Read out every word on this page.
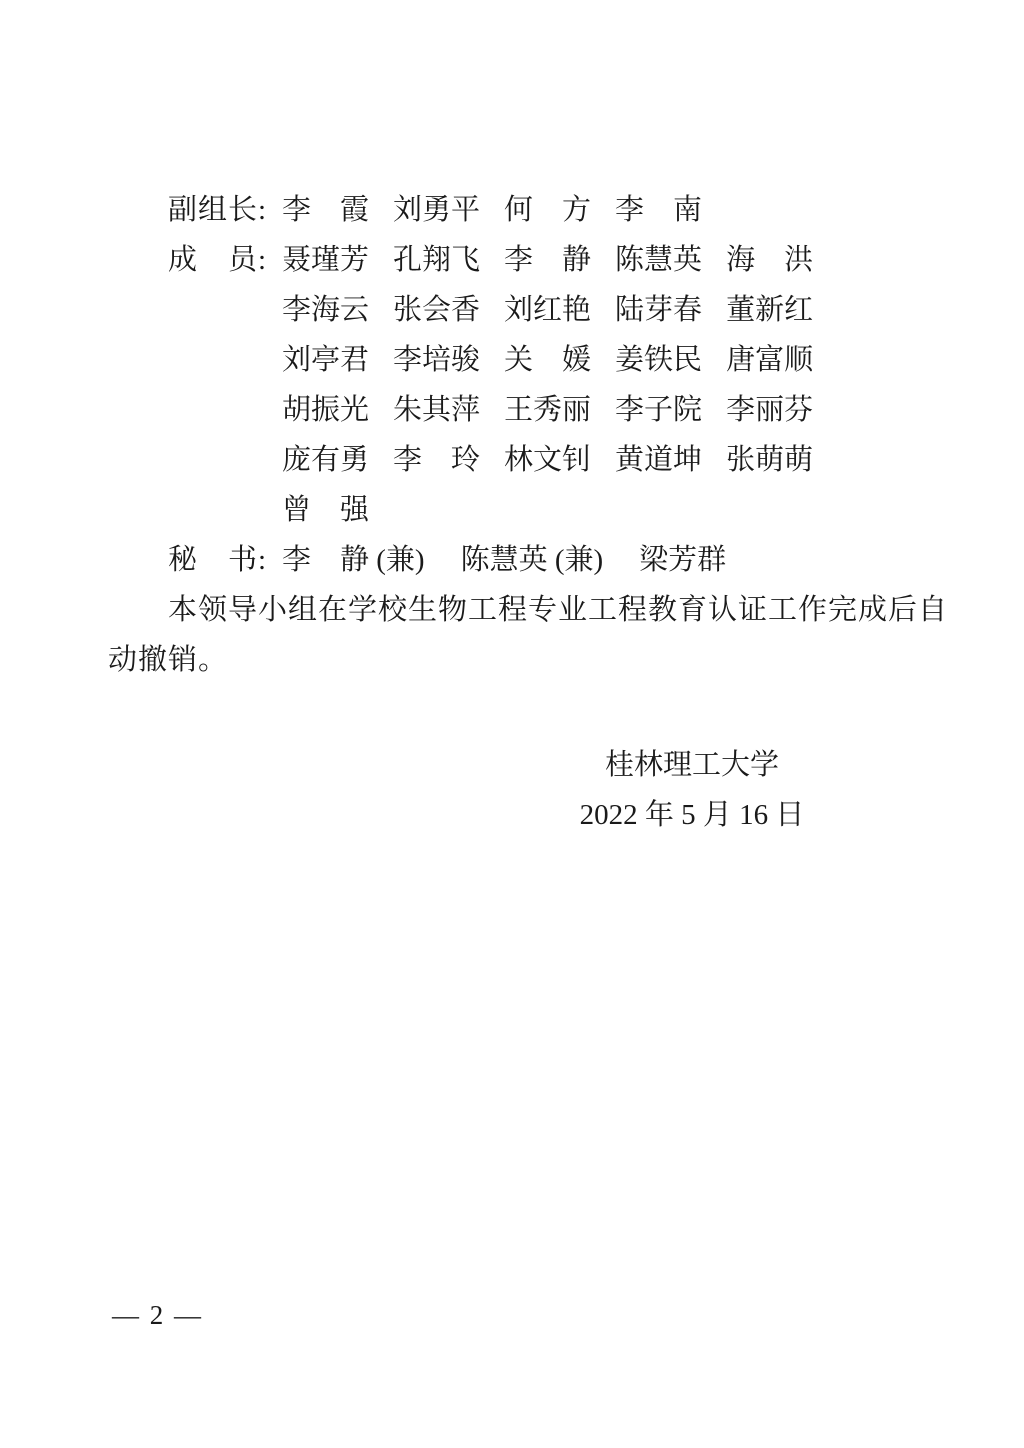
副组长: 李　霞 刘勇平 何　方 李　南
成　员: 聂瑾芳 孔翔飞 李　静 陈慧英 海　洪
李海云 张会香 刘红艳 陆芽春 董新红
刘亭君 李培骏 关　媛 姜铁民 唐富顺
胡振光 朱其萍 王秀丽 李子院 李丽芬
庞有勇 李　玲 林文钊 黄道坤 张萌萌
曾　强
秘　书: 李　静 (兼) 陈慧英 (兼) 梁芳群
本领导小组在学校生物工程专业工程教育认证工作完成后自
动撤销。
桂林理工大学
2022 年 5 月 16 日
— 2 —
